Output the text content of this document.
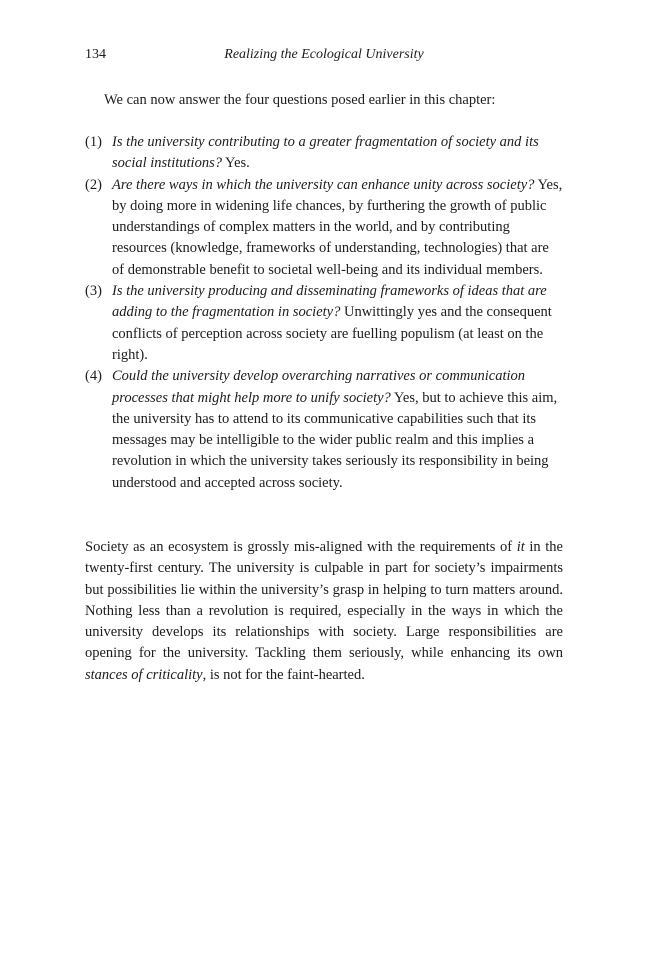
134	Realizing the Ecological University

We can now answer the four questions posed earlier in this chapter:

(1) Is the university contributing to a greater fragmentation of society and its social institutions? Yes.
(2) Are there ways in which the university can enhance unity across society? Yes, by doing more in widening life chances, by furthering the growth of public understandings of complex matters in the world, and by contributing resources (knowledge, frameworks of understanding, technologies) that are of demonstrable benefit to societal well-being and its individual members.
(3) Is the university producing and disseminating frameworks of ideas that are adding to the fragmentation in society? Unwittingly yes and the consequent conflicts of perception across society are fuelling populism (at least on the right).
(4) Could the university develop overarching narratives or communication processes that might help more to unify society? Yes, but to achieve this aim, the university has to attend to its communicative capabilities such that its messages may be intelligible to the wider public realm and this implies a revolution in which the university takes seriously its responsibility in being understood and accepted across society.

Society as an ecosystem is grossly mis-aligned with the requirements of it in the twenty-first century. The university is culpable in part for society’s impairments but possibilities lie within the university’s grasp in helping to turn matters around. Nothing less than a revolution is required, especially in the ways in which the university develops its relationships with society. Large responsibilities are opening for the university. Tackling them seriously, while enhancing its own stances of criticality, is not for the faint-hearted.
